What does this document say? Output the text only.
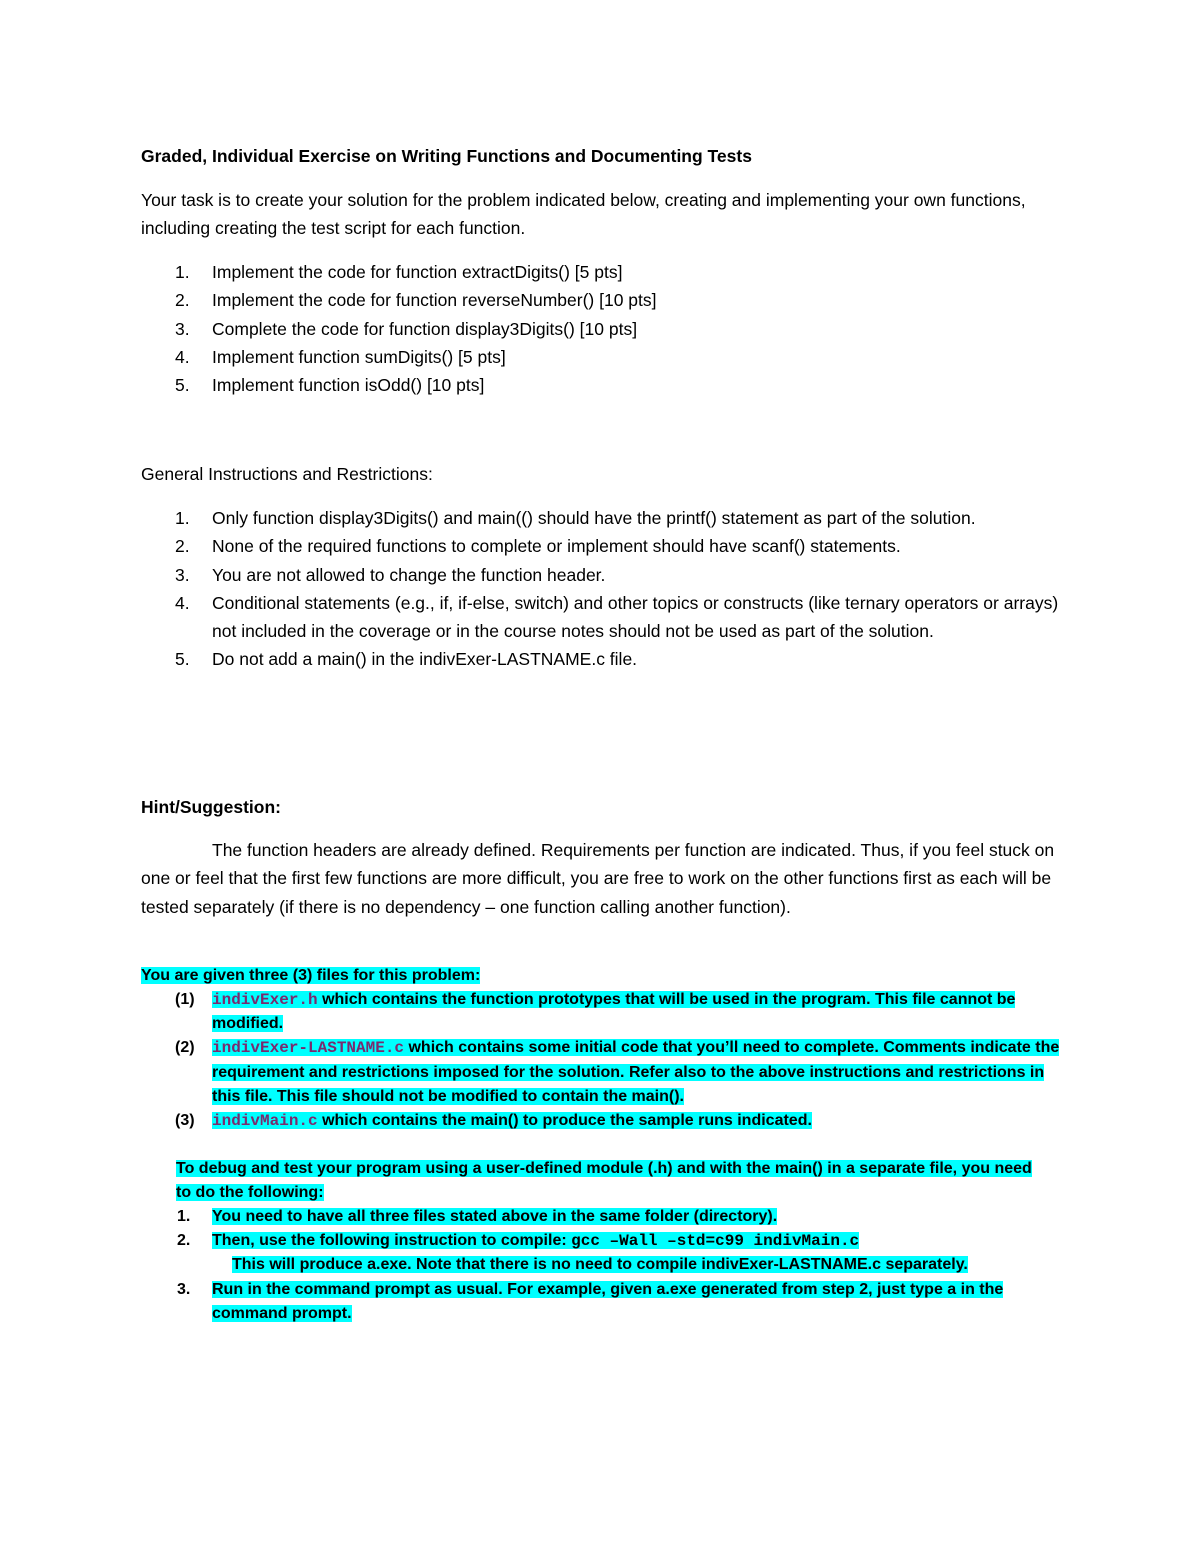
Graded, Individual Exercise on Writing Functions and Documenting Tests
Your task is to create your solution for the problem indicated below, creating and implementing your own functions, including creating the test script for each function.
1. Implement the code for function extractDigits() [5 pts]
2. Implement the code for function reverseNumber() [10 pts]
3. Complete the code for function display3Digits() [10 pts]
4. Implement function sumDigits() [5 pts]
5. Implement function isOdd() [10 pts]
General Instructions and Restrictions:
1. Only function display3Digits() and main(() should have the printf() statement as part of the solution.
2. None of the required functions to complete or implement should have scanf() statements.
3. You are not allowed to change the function header.
4. Conditional statements (e.g., if, if-else, switch) and other topics or constructs (like ternary operators or arrays) not included in the coverage or in the course notes should not be used as part of the solution.
5. Do not add a main() in the indivExer-LASTNAME.c file.
Hint/Suggestion:
The function headers are already defined. Requirements per function are indicated. Thus, if you feel stuck on one or feel that the first few functions are more difficult, you are free to work on the other functions first as each will be tested separately (if there is no dependency – one function calling another function).
You are given three (3) files for this problem:
(1) indivExer.h which contains the function prototypes that will be used in the program. This file cannot be modified.
(2) indivExer-LASTNAME.c which contains some initial code that you’ll need to complete. Comments indicate the requirement and restrictions imposed for the solution. Refer also to the above instructions and restrictions in this file. This file should not be modified to contain the main().
(3) indivMain.c which contains the main() to produce the sample runs indicated.
To debug and test your program using a user-defined module (.h) and with the main() in a separate file, you need to do the following:
1. You need to have all three files stated above in the same folder (directory).
2. Then, use the following instruction to compile: gcc –Wall –std=c99 indivMain.c
This will produce a.exe. Note that there is no need to compile indivExer-LASTNAME.c separately.
3. Run in the command prompt as usual. For example, given a.exe generated from step 2, just type a in the command prompt.
